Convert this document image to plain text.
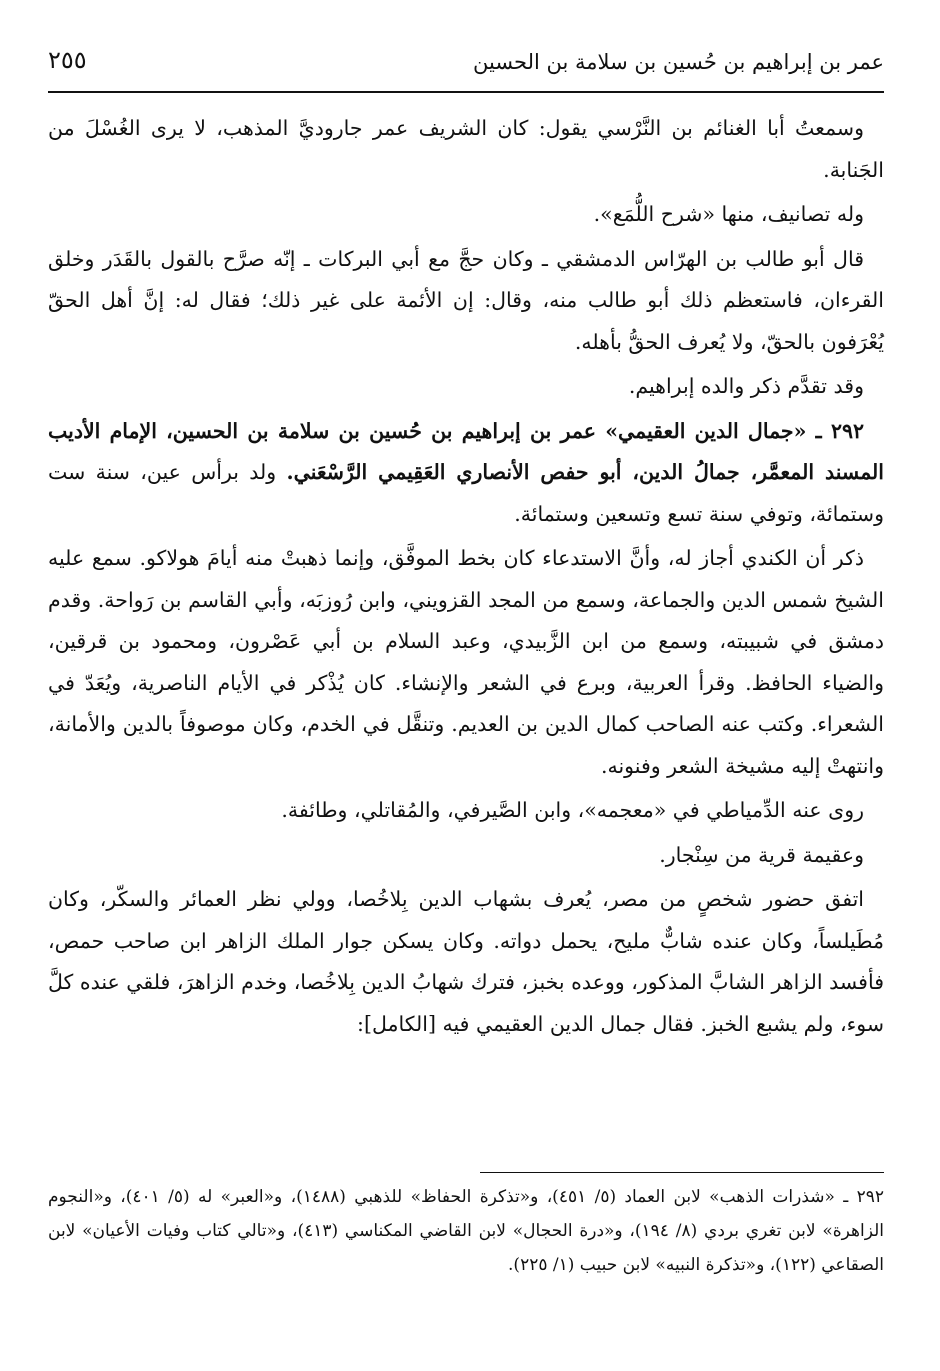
عمر بن إبراهيم بن حُسين بن سلامة بن الحسين
٢٥٥

وسمعتُ أبا الغنائم بن النَّرْسي يقول: كان الشريف عمر جاروديَّ المذهب، لا يرى الغُسْلَ من الجَنابة.

وله تصانيف، منها «شرح اللُّمَع».

قال أبو طالب بن الهرّاس الدمشقي ـ وكان حجَّ مع أبي البركات ـ إنّه صرَّح بالقول بالقَدَر وخلق القرءان، فاستعظم ذلك أبو طالب منه، وقال: إن الأئمة على غير ذلك؛ فقال له: إنَّ أهل الحقّ يُعْرَفون بالحقّ، ولا يُعرف الحقُّ بأهله.

وقد تقدَّم ذكر والده إبراهيم.

٢٩٢ ـ «جمال الدين العقيمي» عمر بن إبراهيم بن حُسين بن سلامة بن الحسين، الإمام الأديب المسند المعمَّر، جمالُ الدين، أبو حفص الأنصاري العَقِيمي الرَّسْعَني. ولد برأس عين، سنة ست وستمائة، وتوفي سنة تسع وتسعين وستمائة.

ذكر أن الكندي أجاز له، وأنَّ الاستدعاء كان بخط الموفَّق، وإنما ذهبتْ منه أيامَ هولاكو. سمع عليه الشيخ شمس الدين والجماعة، وسمع من المجد القزويني، وابن رُوزبَه، وأبي القاسم بن رَواحة. وقدم دمشق في شبيبته، وسمع من ابن الزَّبيدي، وعبد السلام بن أبي عَصْرون، ومحمود بن قرقين، والضياء الحافظ. وقرأ العربية، وبرع في الشعر والإنشاء. كان يُذْكر في الأيام الناصرية، ويُعَدّ في الشعراء. وكتب عنه الصاحب كمال الدين بن العديم. وتنقَّل في الخدم، وكان موصوفاً بالدين والأمانة، وانتهتْ إليه مشيخة الشعر وفنونه.

روى عنه الدِّمياطي في «معجمه»، وابن الصَّيرفي، والمُقاتلي، وطائفة.

وعقيمة قرية من سِنْجار.

اتفق حضور شخصٍ من مصر، يُعرف بشهاب الدين بِلاخُصا، وولي نظر العمائر والسكّر، وكان مُطَيلساً، وكان عنده شابٌّ مليح، يحمل دواته. وكان يسكن جوار الملك الزاهر ابن صاحب حمص، فأفسد الزاهر الشابَّ المذكور، ووعده بخبز، فترك شهابُ الدين بِلاخُصا، وخدم الزاهرَ، فلقي عنده كلَّ سوء، ولم يشبع الخبز. فقال جمال الدين العقيمي فيه [الكامل]:

٢٩٢ ـ «شذرات الذهب» لابن العماد (٥/ ٤٥١)، و«تذكرة الحفاظ» للذهبي (١٤٨٨)، و«العبر» له (٥/ ٤٠١)، و«النجوم الزاهرة» لابن تغري بردي (٨/ ١٩٤)، و«درة الحجال» لابن القاضي المكناسي (٤١٣)، و«تالي كتاب وفيات الأعيان» لابن الصقاعي (١٢٢)، و«تذكرة النبيه» لابن حبيب (١/ ٢٢٥).
